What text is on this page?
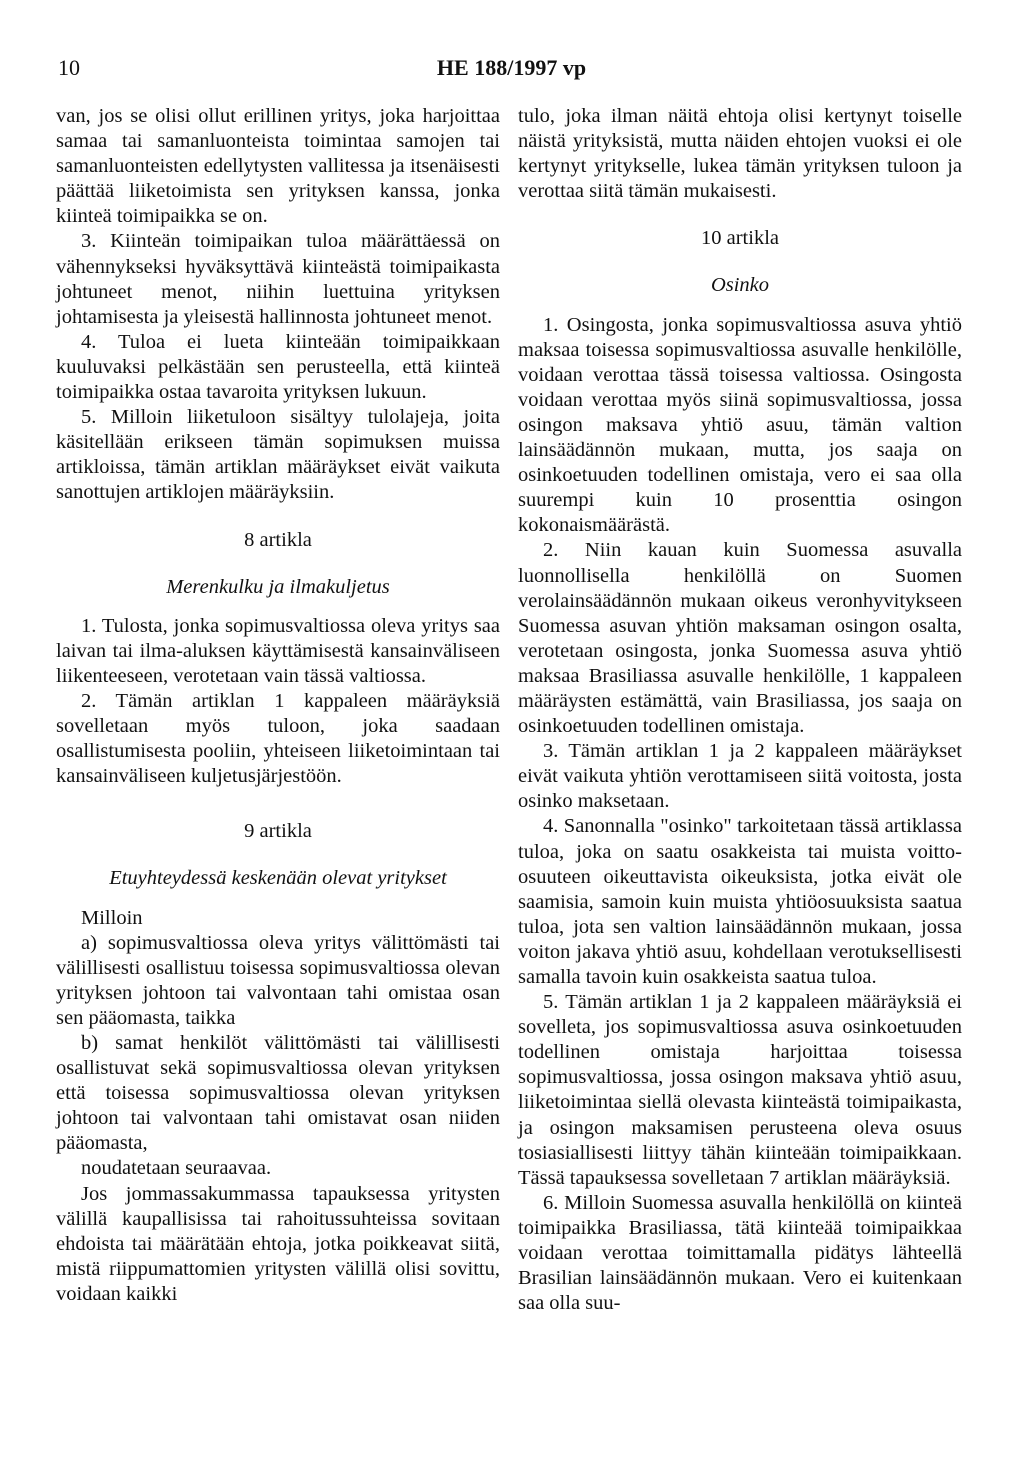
10	HE 188/1997 vp

van, jos se olisi ollut erillinen yritys, joka harjoittaa samaa tai samanluonteista toimintaa samojen tai samanluonteisten edellytysten vallitessa ja itsenäisesti päättää liiketoimista sen yrityksen kanssa, jonka kiinteä toimipaikka se on.

3. Kiinteän toimipaikan tuloa määrättäessä on vähennykseksi hyväksyttävä kiinteästä toimipaikasta johtuneet menot, niihin luettuina yrityksen johtamisesta ja yleisestä hallinnosta johtuneet menot.

4. Tuloa ei lueta kiinteään toimipaikkaan kuuluvaksi pelkästään sen perusteella, että kiinteä toimipaikka ostaa tavaroita yrityksen lukuun.

5. Milloin liiketuloon sisältyy tulolajeja, joita käsitellään erikseen tämän sopimuksen muissa artikloissa, tämän artiklan määräykset eivät vaikuta sanottujen artiklojen määräyksiin.

8 artikla

Merenkulku ja ilmakuljetus

1. Tulosta, jonka sopimusvaltiossa oleva yritys saa laivan tai ilma-aluksen käyttämisestä kansainväliseen liikenteeseen, verotetaan vain tässä valtiossa.

2. Tämän artiklan 1 kappaleen määräyksiä sovelletaan myös tuloon, joka saadaan osallistumisesta pooliin, yhteiseen liiketoimintaan tai kansainväliseen kuljetusjärjestöön.

9 artikla

Etuyhteydessä keskenään olevat yritykset

Milloin

a) sopimusvaltiossa oleva yritys välittömästi tai välillisesti osallistuu toisessa sopimusvaltiossa olevan yrityksen johtoon tai valvontaan tahi omistaa osan sen pääomasta, taikka

b) samat henkilöt välittömästi tai välillisesti osallistuvat sekä sopimusvaltiossa olevan yrityksen että toisessa sopimusvaltiossa olevan yrityksen johtoon tai valvontaan tahi omistavat osan niiden pääomasta,

noudatetaan seuraavaa.

Jos jommassakummassa tapauksessa yritysten välillä kaupallisissa tai rahoitussuhteissa sovitaan ehdoista tai määrätään ehtoja, jotka poikkeavat siitä, mistä riippumattomien yritysten välillä olisi sovittu, voidaan kaikki

tulo, joka ilman näitä ehtoja olisi kertynyt toiselle näistä yrityksistä, mutta näiden ehtojen vuoksi ei ole kertynyt yritykselle, lukea tämän yrityksen tuloon ja verottaa siitä tämän mukaisesti.

10 artikla

Osinko

1. Osingosta, jonka sopimusvaltiossa asuva yhtiö maksaa toisessa sopimusvaltiossa asuvalle henkilölle, voidaan verottaa tässä toisessa valtiossa. Osingosta voidaan verottaa myös siinä sopimusvaltiossa, jossa osingon maksava yhtiö asuu, tämän valtion lainsäädännön mukaan, mutta, jos saaja on osinkoetuuden todellinen omistaja, vero ei saa olla suurempi kuin 10 prosenttia osingon kokonaismäärästä.

2. Niin kauan kuin Suomessa asuvalla luonnollisella henkilöllä on Suomen verolainsäädännön mukaan oikeus veronhyvitykseen Suomessa asuvan yhtiön maksaman osingon osalta, verotetaan osingosta, jonka Suomessa asuva yhtiö maksaa Brasiliassa asuvalle henkilölle, 1 kappaleen määräysten estämättä, vain Brasiliassa, jos saaja on osinkoetuuden todellinen omistaja.

3. Tämän artiklan 1 ja 2 kappaleen määräykset eivät vaikuta yhtiön verottamiseen siitä voitosta, josta osinko maksetaan.

4. Sanonnalla "osinko" tarkoitetaan tässä artiklassa tuloa, joka on saatu osakkeista tai muista voitto-osuuteen oikeuttavista oikeuksista, jotka eivät ole saamisia, samoin kuin muista yhtiöosuuksista saatua tuloa, jota sen valtion lainsäädännön mukaan, jossa voiton jakava yhtiö asuu, kohdellaan verotuksellisesti samalla tavoin kuin osakkeista saatua tuloa.

5. Tämän artiklan 1 ja 2 kappaleen määräyksiä ei sovelleta, jos sopimusvaltiossa asuva osinkoetuuden todellinen omistaja harjoittaa toisessa sopimusvaltiossa, jossa osingon maksava yhtiö asuu, liiketoimintaa siellä olevasta kiinteästä toimipaikasta, ja osingon maksamisen perusteena oleva osuus tosiasiallisesti liittyy tähän kiinteään toimipaikkaan. Tässä tapauksessa sovelletaan 7 artiklan määräyksiä.

6. Milloin Suomessa asuvalla henkilöllä on kiinteä toimipaikka Brasiliassa, tätä kiinteää toimipaikkaa voidaan verottaa toimittamalla pidätys lähteellä Brasilian lainsäädännön mukaan. Vero ei kuitenkaan saa olla suu-
